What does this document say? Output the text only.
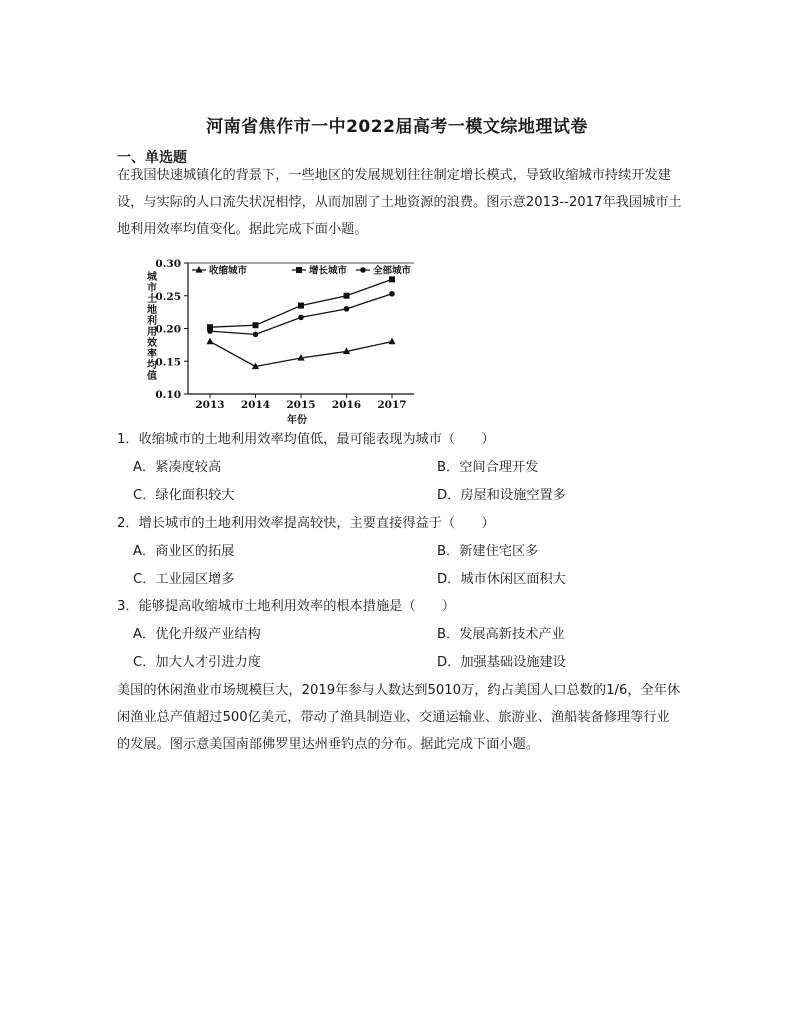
河南省焦作市一中2022届高考一模文综地理试卷
一、单选题
在我国快速城镇化的背景下，一些地区的发展规划往往制定增长模式，导致收缩城市持续开发建设，与实际的人口流失状况相悖，从而加剧了土地资源的浪费。图示意2013--2017年我国城市土地利用效率均值变化。据此完成下面小题。
0.30
0.25
0.20
0.15
0.10
2013 2014 2015 2016 2017
年份
城市土地利用效率均值	收缩城市	增长城市	全部城市
1．收缩城市的土地利用效率均值低，最可能表现为城市（　　）
A．紧凑度较高	B．空间合理开发
C．绿化面积较大	D．房屋和设施空置多
2．增长城市的土地利用效率提高较快，主要直接得益于（　　）
A．商业区的拓展	B．新建住宅区多
C．工业园区增多	D．城市休闲区面积大
3．能够提高收缩城市土地利用效率的根本措施是（　　）
A．优化升级产业结构	B．发展高新技术产业
C．加大人才引进力度	D．加强基础设施建设
美国的休闲渔业市场规模巨大，2019年参与人数达到5010万，约占美国人口总数的1/6，全年休闲渔业总产值超过500亿美元，带动了渔具制造业、交通运输业、旅游业、渔船装备修理等行业的发展。图示意美国南部佛罗里达州垂钓点的分布。据此完成下面小题。
